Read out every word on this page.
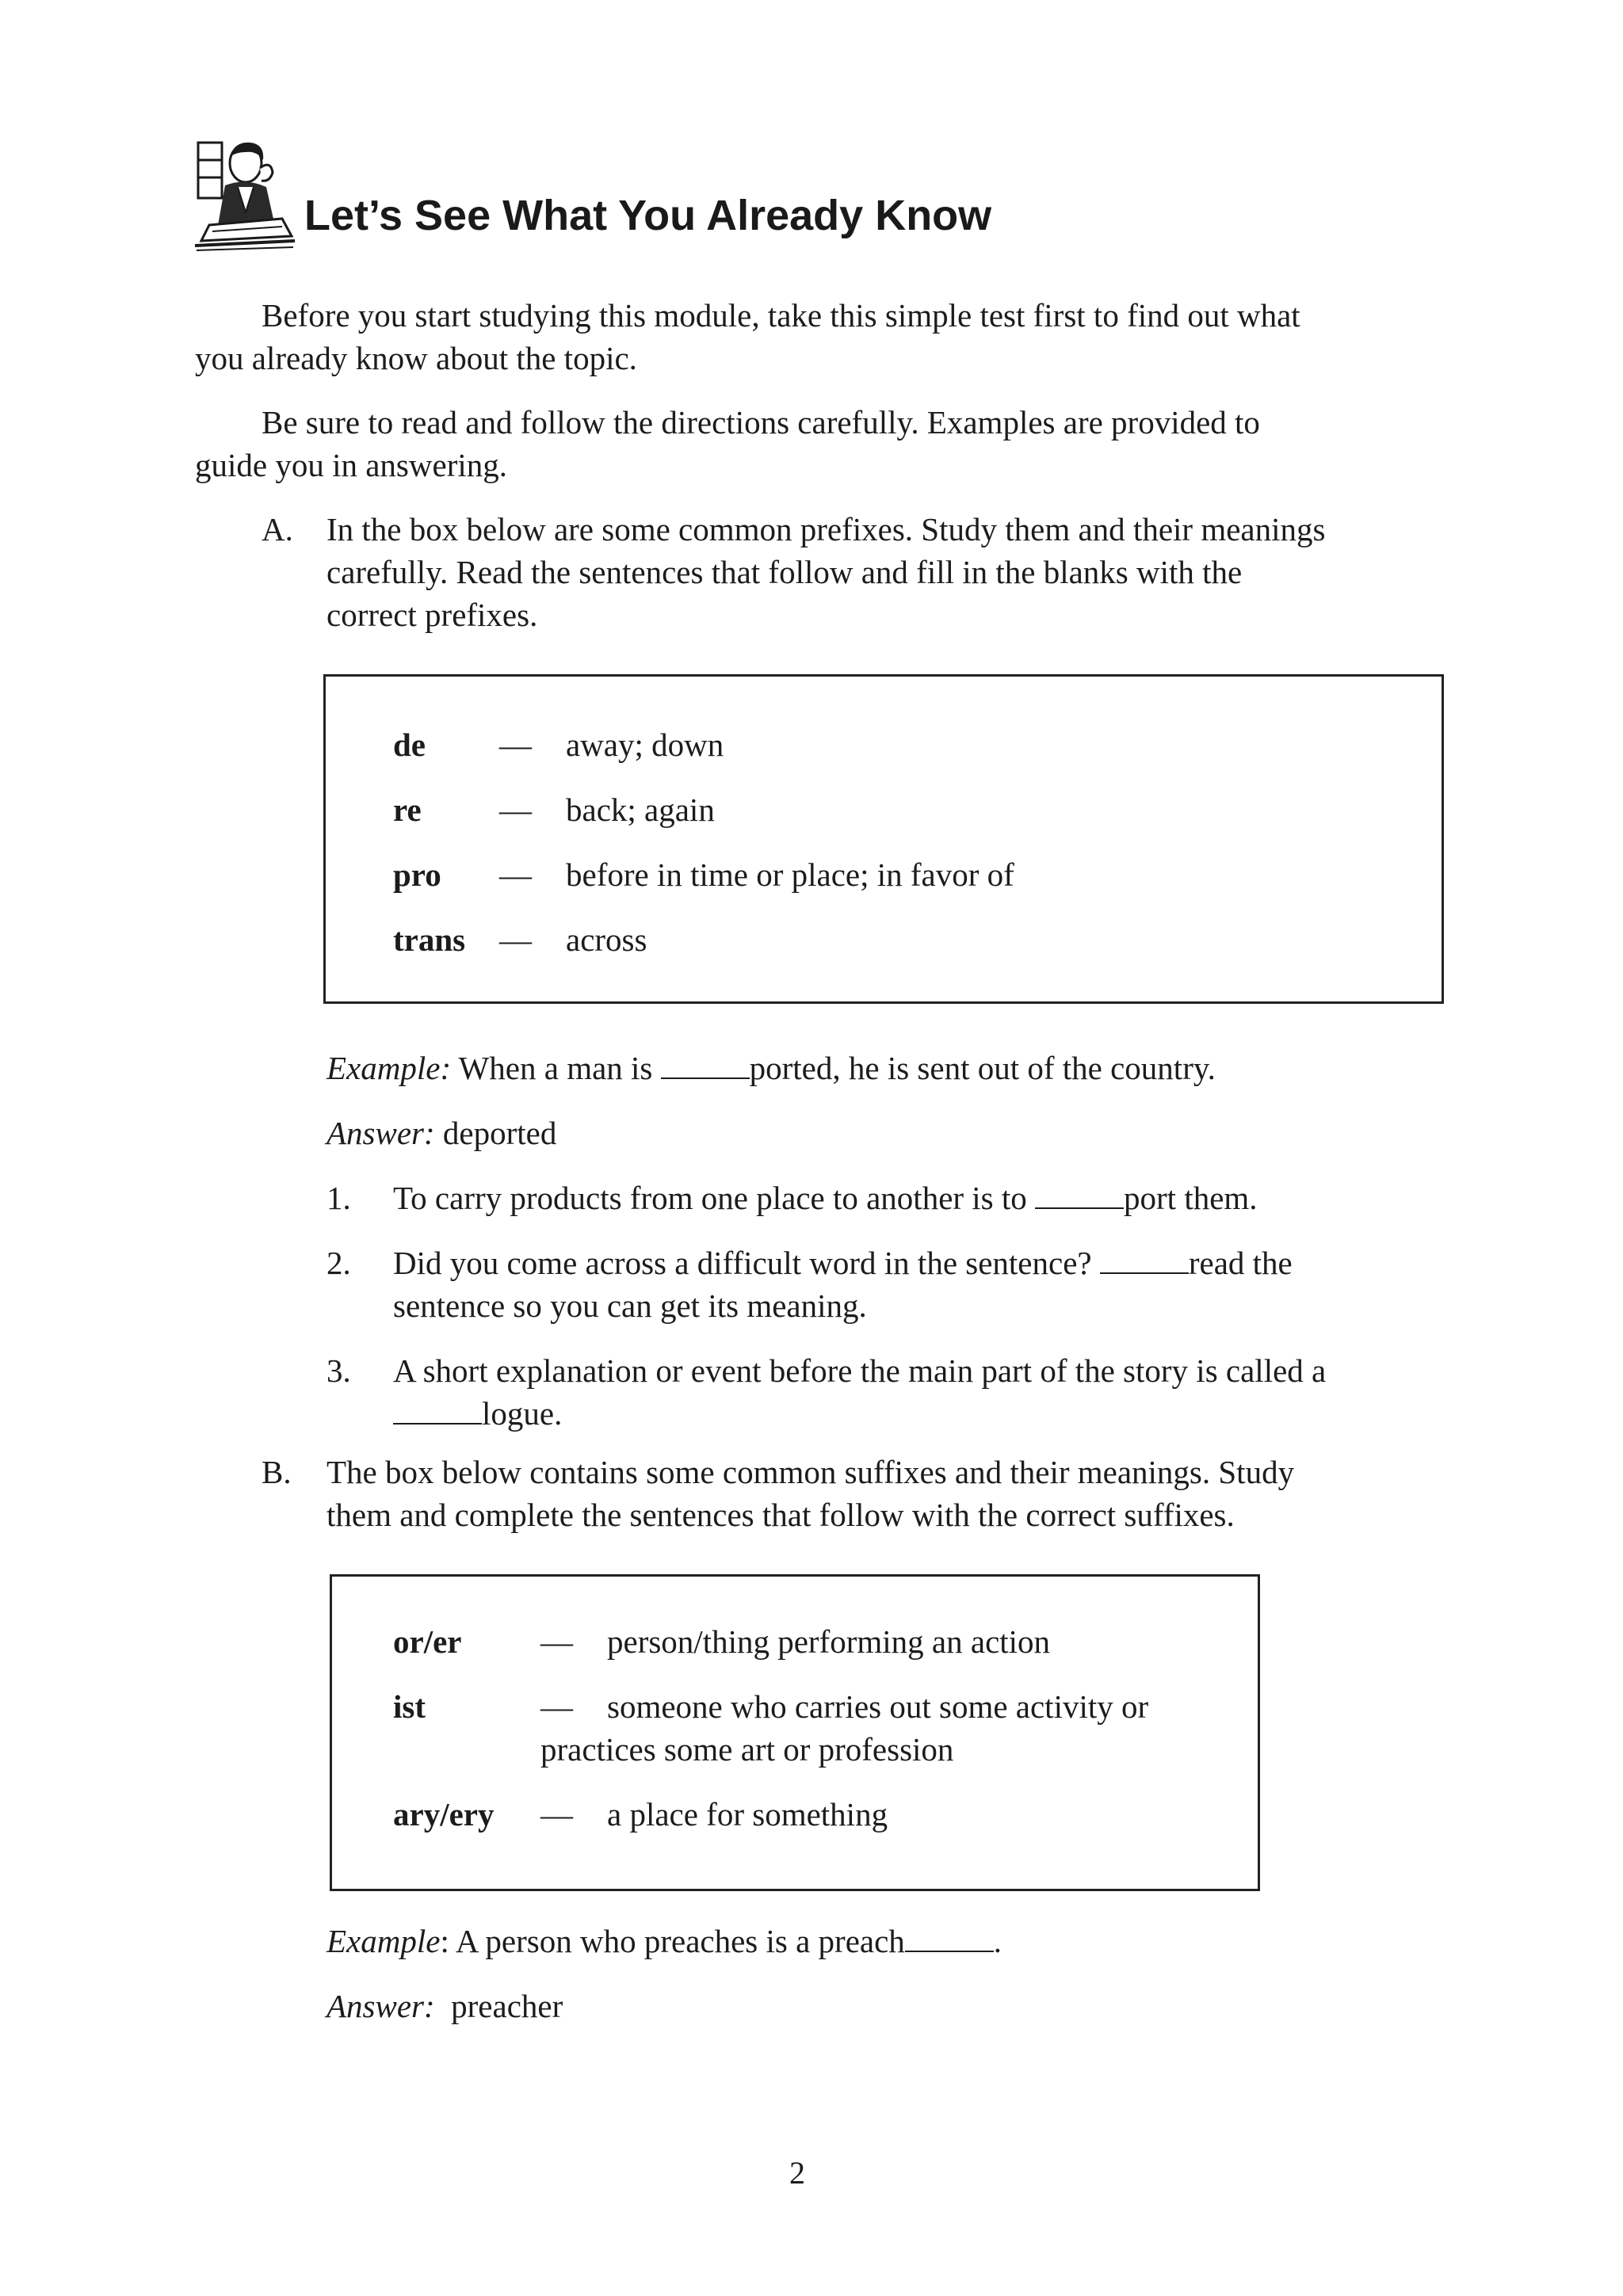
Let’s See What You Already Know
Before you start studying this module, take this simple test first to find out what
you already know about the topic.
Be sure to read and follow the directions carefully. Examples are provided to
guide you in answering.
A. In the box below are some common prefixes. Study them and their meanings
carefully. Read the sentences that follow and fill in the blanks with the
correct prefixes.
de — away; down
re — back; again
pro — before in time or place; in favor of
trans — across
Example: When a man is	ported, he is sent out of the country.
Answer: deported
1. To carry products from one place to another is to	port them.
2. Did you come across a difficult word in the sentence?	read the
sentence so you can get its meaning.
3. A short explanation or event before the main part of the story is called a
logue.
B. The box below contains some common suffixes and their meanings. Study
them and complete the sentences that follow with the correct suffixes.
or/er — person/thing performing an action
ist	— someone who carries out some activity or
practices some art or profession
ary/ery — a place for something
Example: A person who preaches is a preach	.
Answer:  preacher
2
